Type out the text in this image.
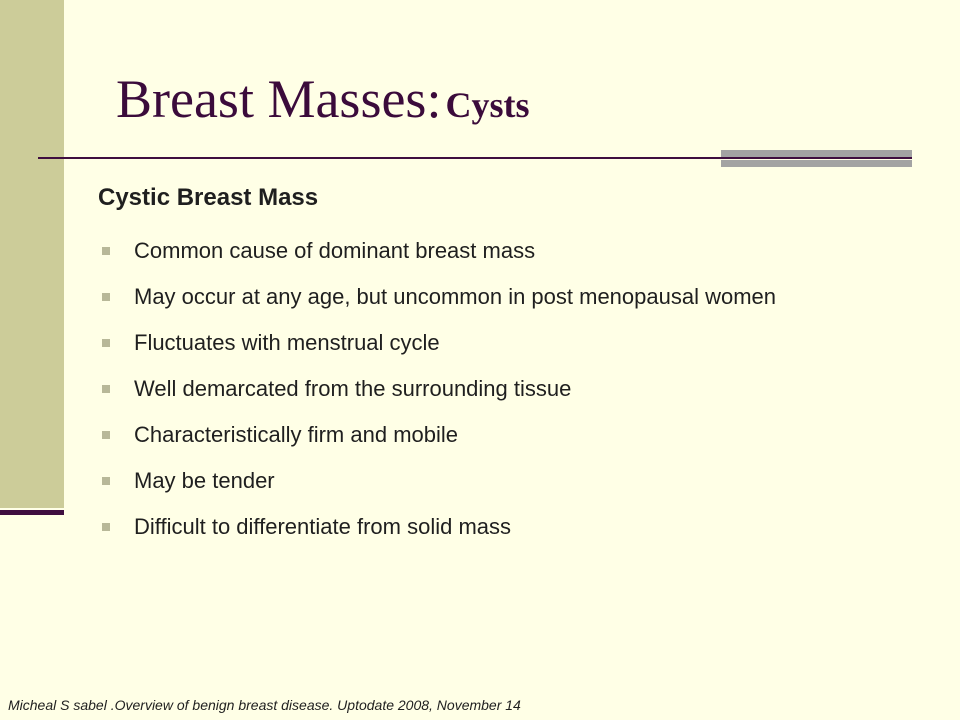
Breast Masses: Cysts
Cystic Breast Mass
Common cause of dominant breast mass
May occur at any age, but uncommon in post menopausal women
Fluctuates with menstrual cycle
Well demarcated from the surrounding tissue
Characteristically firm and mobile
May be tender
Difficult to differentiate from solid mass

Micheal S sabel .Overview of benign breast disease. Uptodate 2008, November 14
